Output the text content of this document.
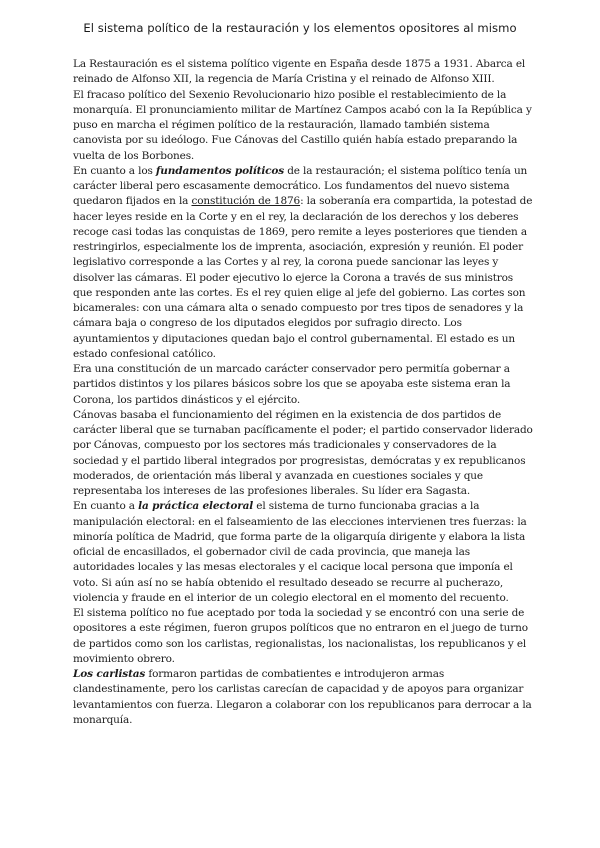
El sistema político de la restauración y los elementos opositores al mismo

La Restauración es el sistema político vigente en España desde 1875 a 1931. Abarca el reinado de Alfonso XII, la regencia de María Cristina y el reinado de Alfonso XIII.

El fracaso político del Sexenio Revolucionario hizo posible el restablecimiento de la monarquía. El pronunciamiento militar de Martínez Campos acabó con la Ia República y puso en marcha el régimen político de la restauración, llamado también sistema canovista por su ideólogo. Fue Cánovas del Castillo quién había estado preparando la vuelta de los Borbones.

En cuanto a los fundamentos políticos de la restauración; el sistema político tenía un carácter liberal pero escasamente democrático. Los fundamentos del nuevo sistema quedaron fijados en la constitución de 1876: la soberanía era compartida, la potestad de hacer leyes reside en la Corte y en el rey, la declaración de los derechos y los deberes recoge casi todas las conquistas de 1869, pero remite a leyes posteriores que tienden a restringirlos, especialmente los de imprenta, asociación, expresión y reunión. El poder legislativo corresponde a las Cortes y al rey, la corona puede sancionar las leyes y disolver las cámaras. El poder ejecutivo lo ejerce la Corona a través de sus ministros que responden ante las cortes. Es el rey quien elige al jefe del gobierno. Las cortes son bicamerales: con una cámara alta o senado compuesto por tres tipos de senadores y la cámara baja o congreso de los diputados elegidos por sufragio directo. Los ayuntamientos y diputaciones quedan bajo el control gubernamental. El estado es un estado confesional católico.

Era una constitución de un marcado carácter conservador pero permitía gobernar a partidos distintos y los pilares básicos sobre los que se apoyaba este sistema eran la Corona, los partidos dinásticos y el ejército.

Cánovas basaba el funcionamiento del régimen en la existencia de dos partidos de carácter liberal que se turnaban pacíficamente el poder; el partido conservador liderado por Cánovas, compuesto por los sectores más tradicionales y conservadores de la sociedad y el partido liberal integrados por progresistas, demócratas y ex republicanos moderados, de orientación más liberal y avanzada en cuestiones sociales y que representaba los intereses de las profesiones liberales. Su líder era Sagasta.

En cuanto a la práctica electoral el sistema de turno funcionaba gracias a la manipulación electoral: en el falseamiento de las elecciones intervienen tres fuerzas: la minoría política de Madrid, que forma parte de la oligarquía dirigente y elabora la lista oficial de encasillados, el gobernador civil de cada provincia, que maneja las autoridades locales y las mesas electorales y el cacique local persona que imponía el voto. Si aún así no se había obtenido el resultado deseado se recurre al pucherazo, violencia y fraude en el interior de un colegio electoral en el momento del recuento.

El sistema político no fue aceptado por toda la sociedad y se encontró con una serie de opositores a este régimen, fueron grupos políticos que no entraron en el juego de turno de partidos como son los carlistas, regionalistas, los nacionalistas, los republicanos y el movimiento obrero.

Los carlistas formaron partidas de combatientes e introdujeron armas clandestinamente, pero los carlistas carecían de capacidad y de apoyos para organizar levantamientos con fuerza. Llegaron a colaborar con los republicanos para derrocar a la monarquía.
